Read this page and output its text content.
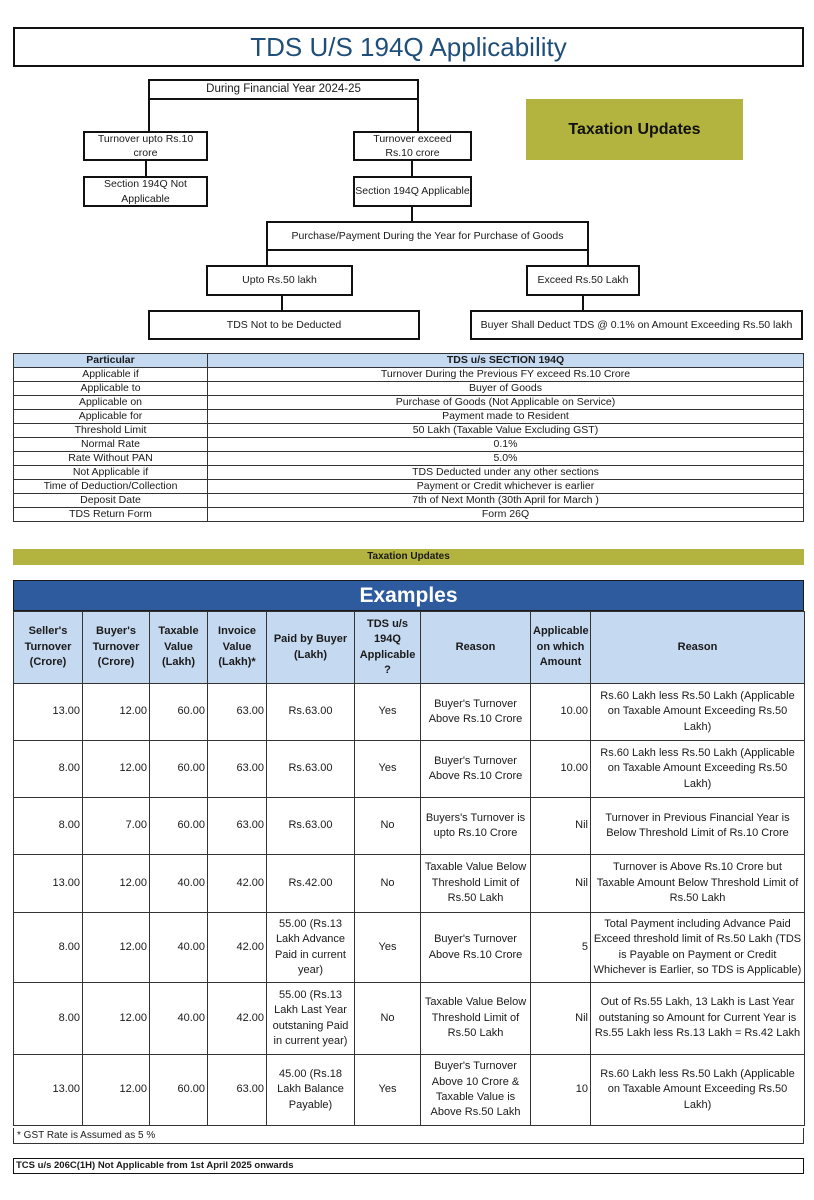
TDS U/S 194Q Applicability
During Financial Year 2024-25
Turnover upto Rs.10 crore
Turnover exceed Rs.10 crore
Section 194Q Not Applicable
Section 194Q Applicable
Purchase/Payment During the Year for Purchase of Goods
Upto Rs.50 lakh	Exceed Rs.50 Lakh
TDS Not to be Deducted	Buyer Shall Deduct TDS @ 0.1% on Amount Exceeding Rs.50 lakh
Taxation Updates
Particular	TDS u/s SECTION 194Q
Applicable if	Turnover During the Previous FY exceed Rs.10 Crore
Applicable to	Buyer of Goods
Applicable on	Purchase of Goods (Not Applicable on Service)
Applicable for	Payment made to Resident
Threshold Limit	50 Lakh (Taxable Value Excluding GST)
Normal Rate	0.1%
Rate Without PAN	5.0%
Not Applicable if	TDS Deducted under any other sections
Time of Deduction/Collection	Payment or Credit whichever is earlier
Deposit Date	7th of Next Month (30th April for March )
TDS Return Form	Form 26Q
Taxation Updates
Examples
Seller's Turnover (Crore)	Buyer's Turnover (Crore)	Taxable Value (Lakh)	Invoice Value (Lakh)*	Paid by Buyer (Lakh)	TDS u/s 194Q Applicable ?	Reason	Applicable on which Amount	Reason
13.00	12.00	60.00	63.00	Rs.63.00	Yes	Buyer's Turnover Above Rs.10 Crore	10.00	Rs.60 Lakh less Rs.50 Lakh (Applicable on Taxable Amount Exceeding Rs.50 Lakh)
8.00	12.00	60.00	63.00	Rs.63.00	Yes	Buyer's Turnover Above Rs.10 Crore	10.00	Rs.60 Lakh less Rs.50 Lakh (Applicable on Taxable Amount Exceeding Rs.50 Lakh)
8.00	7.00	60.00	63.00	Rs.63.00	No	Buyers's Turnover is upto Rs.10 Crore	Nil	Turnover in Previous Financial Year is Below Threshold Limit of Rs.10 Crore
13.00	12.00	40.00	42.00	Rs.42.00	No	Taxable Value Below Threshold Limit of Rs.50 Lakh	Nil	Turnover is Above Rs.10 Crore but Taxable Amount Below Threshold Limit of Rs.50 Lakh
8.00	12.00	40.00	42.00	55.00 (Rs.13 Lakh Advance Paid in current year)	Yes	Buyer's Turnover Above Rs.10 Crore	5	Total Payment including Advance Paid Exceed threshold limit of Rs.50 Lakh (TDS is Payable on Payment or Credit Whichever is Earlier, so TDS is Applicable)
8.00	12.00	40.00	42.00	55.00 (Rs.13 Lakh Last Year outstaning Paid in current year)	No	Taxable Value Below Threshold Limit of Rs.50 Lakh	Nil	Out of Rs.55 Lakh, 13 Lakh is Last Year outstaning so Amount for Current Year is Rs.55 Lakh less Rs.13 Lakh = Rs.42 Lakh
13.00	12.00	60.00	63.00	45.00 (Rs.18 Lakh Balance Payable)	Yes	Buyer's Turnover Above 10 Crore & Taxable Value is Above Rs.50 Lakh	10	Rs.60 Lakh less Rs.50 Lakh (Applicable on Taxable Amount Exceeding Rs.50 Lakh)
* GST Rate is Assumed as 5 %
TCS u/s 206C(1H) Not Applicable from 1st April 2025 onwards
